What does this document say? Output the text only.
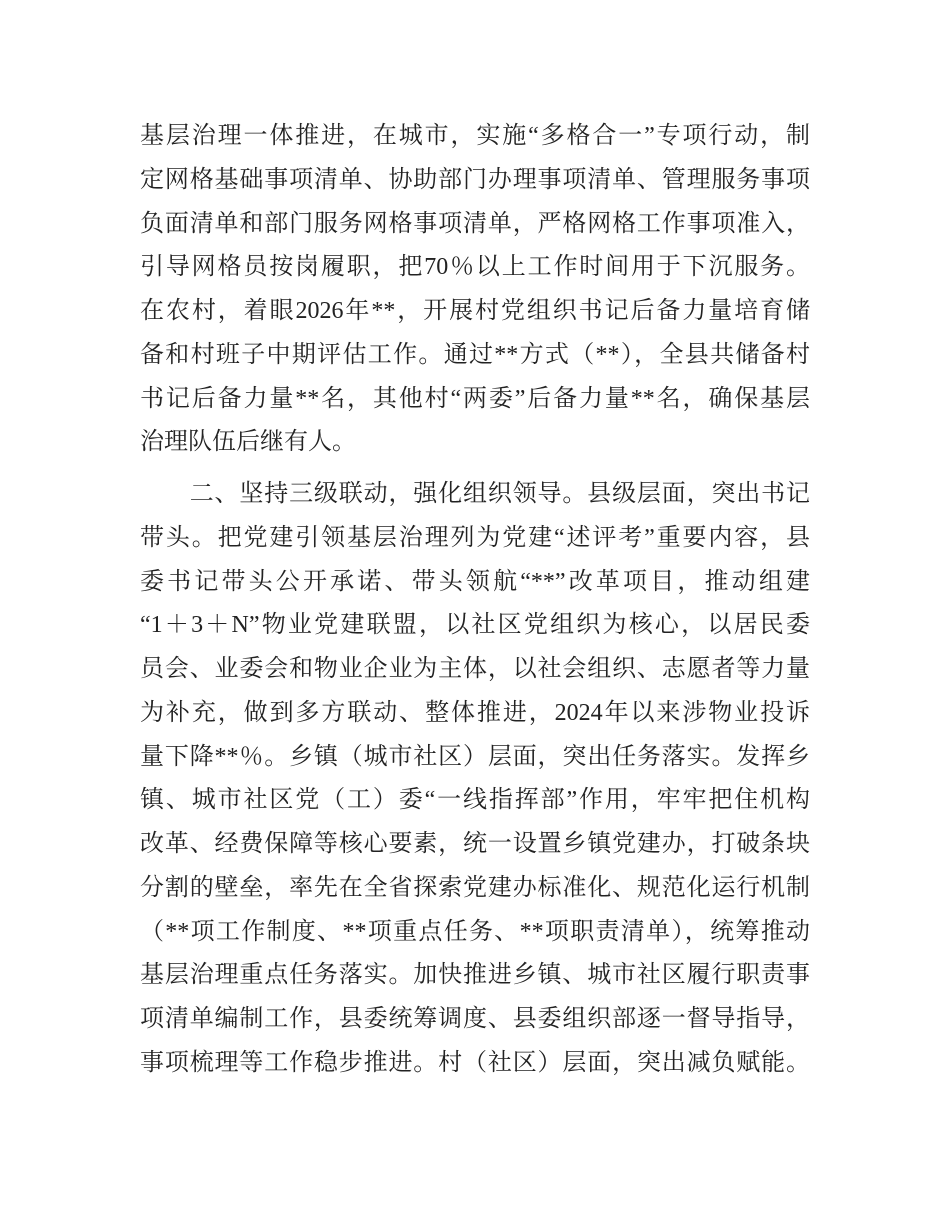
基层治理一体推进，在城市，实施“多格合一”专项行动，制
定网格基础事项清单、协助部门办理事项清单、管理服务事项
负面清单和部门服务网格事项清单，严格网格工作事项准入，
引导网格员按岗履职，把70％以上工作时间用于下沉服务。
在农村，着眼2026年**，开展村党组织书记后备力量培育储
备和村班子中期评估工作。通过**方式（**），全县共储备村
书记后备力量**名，其他村“两委”后备力量**名，确保基层
治理队伍后继有人。
　　二、坚持三级联动，强化组织领导。县级层面，突出书记
带头。把党建引领基层治理列为党建“述评考”重要内容，县
委书记带头公开承诺、带头领航“**”改革项目，推动组建
“1＋3＋N”物业党建联盟，以社区党组织为核心，以居民委
员会、业委会和物业企业为主体，以社会组织、志愿者等力量
为补充，做到多方联动、整体推进，2024年以来涉物业投诉
量下降**％。乡镇（城市社区）层面，突出任务落实。发挥乡
镇、城市社区党（工）委“一线指挥部”作用，牢牢把住机构
改革、经费保障等核心要素，统一设置乡镇党建办，打破条块
分割的壁垒，率先在全省探索党建办标准化、规范化运行机制
（**项工作制度、**项重点任务、**项职责清单），统筹推动
基层治理重点任务落实。加快推进乡镇、城市社区履行职责事
项清单编制工作，县委统筹调度、县委组织部逐一督导指导，
事项梳理等工作稳步推进。村（社区）层面，突出减负赋能。
